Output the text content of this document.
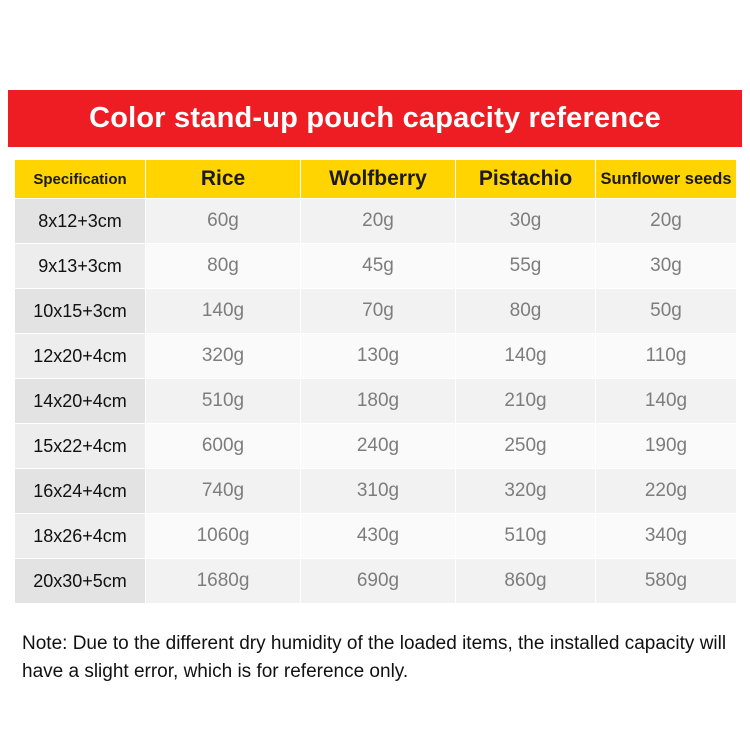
Color stand-up pouch capacity reference
Specification	Rice	Wolfberry	Pistachio	Sunflower seeds
8x12+3cm	60g	20g	30g	20g
9x13+3cm	80g	45g	55g	30g
10x15+3cm	140g	70g	80g	50g
12x20+4cm	320g	130g	140g	110g
14x20+4cm	510g	180g	210g	140g
15x22+4cm	600g	240g	250g	190g
16x24+4cm	740g	310g	320g	220g
18x26+4cm	1060g	430g	510g	340g
20x30+5cm	1680g	690g	860g	580g
Note: Due to the different dry humidity of the loaded items, the installed capacity will have a slight error, which is for reference only.
